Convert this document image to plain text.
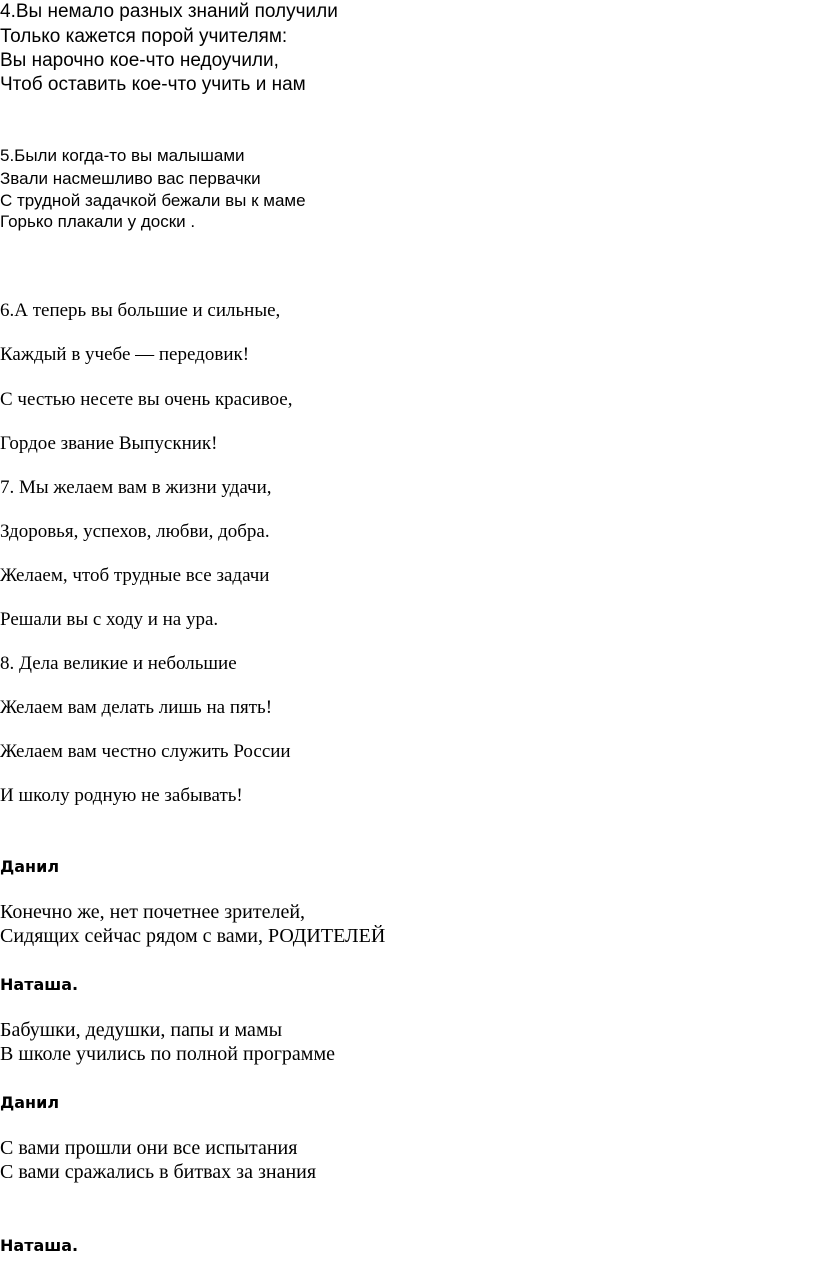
4.Вы немало разных знаний получили

Только кажется порой учителям:

Вы нарочно кое-что недоучили,

Чтоб оставить кое-что учить и нам

5.Были когда-то вы малышами

Звали насмешливо вас первачки

С трудной задачкой бежали вы к маме

Горько плакали у доски .

6.А теперь вы большие и сильные,

Каждый в учебе — передовик!

С честью несете вы очень красивое,

Гордое звание Выпускник!

7. Мы желаем вам в жизни удачи,

Здоровья, успехов, любви, добра.

Желаем, чтоб трудные все задачи

Решали вы с ходу и на ура.

8. Дела великие и небольшие

Желаем вам делать лишь на пять!

Желаем вам честно служить России

И школу родную не забывать!

Данил

Конечно же, нет почетнее зрителей,

Сидящих сейчас рядом с вами, РОДИТЕЛЕЙ

Наташа.

Бабушки, дедушки, папы и мамы

В школе учились по полной программе

Данил

С вами прошли они все испытания

С вами сражались в битвах за знания

Наташа.
